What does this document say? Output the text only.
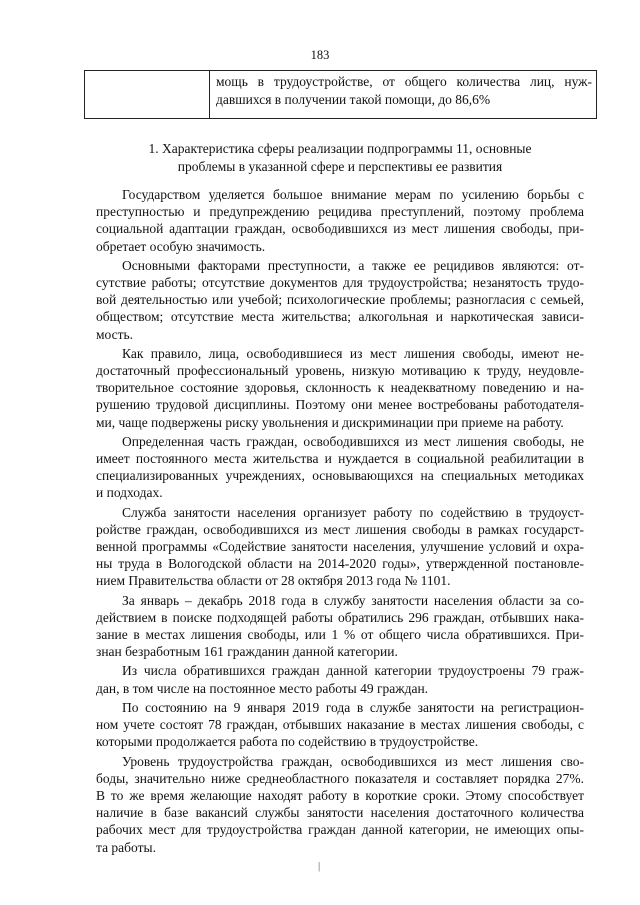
183

мощь в трудоустройстве, от общего количества лиц, нуж-
давшихся в получении такой помощи, до 86,6%
1. Характеристика сферы реализации подпрограммы 11, основные
проблемы в указанной сфере и перспективы ее развития
Государством уделяется большое внимание мерам по усилению борьбы с
преступностью и предупреждению рецидива преступлений, поэтому проблема
социальной адаптации граждан, освободившихся из мест лишения свободы, при-
обретает особую значимость.
Основными факторами преступности, а также ее рецидивов являются: от-
сутствие работы; отсутствие документов для трудоустройства; незанятость трудо-
вой деятельностью или учебой; психологические проблемы; разногласия с семьей,
обществом; отсутствие места жительства; алкогольная и наркотическая зависи-
мость.
Как правило, лица, освободившиеся из мест лишения свободы, имеют не-
достаточный профессиональный уровень, низкую мотивацию к труду, неудовле-
творительное состояние здоровья, склонность к неадекватному поведению и на-
рушению трудовой дисциплины. Поэтому они менее востребованы работодателя-
ми, чаще подвержены риску увольнения и дискриминации при приеме на работу.
Определенная часть граждан, освободившихся из мест лишения свободы, не
имеет постоянного места жительства и нуждается в социальной реабилитации в
специализированных учреждениях, основывающихся на специальных методиках
и подходах.
Служба занятости населения организует работу по содействию в трудоуст-
ройстве граждан, освободившихся из мест лишения свободы в рамках государст-
венной программы «Содействие занятости населения, улучшение условий и охра-
ны труда в Вологодской области на 2014-2020 годы», утвержденной постановле-
нием Правительства области от 28 октября 2013 года № 1101.
За январь – декабрь 2018 года в службу занятости населения области за со-
действием в поиске подходящей работы обратились 296 граждан, отбывших нака-
зание в местах лишения свободы, или 1 % от общего числа обратившихся. При-
знан безработным 161 гражданин данной категории.
Из числа обратившихся граждан данной категории трудоустроены 79 граж-
дан, в том числе на постоянное место работы 49 граждан.
По состоянию на 9 января 2019 года в службе занятости на регистрацион-
ном учете состоят 78 граждан, отбывших наказание в местах лишения свободы, с
которыми продолжается работа по содействию в трудоустройстве.
Уровень трудоустройства граждан, освободившихся из мест лишения сво-
боды, значительно ниже среднеобластного показателя и составляет порядка 27%.
В то же время желающие находят работу в короткие сроки. Этому способствует
наличие в базе вакансий службы занятости населения достаточного количества
рабочих мест для трудоустройства граждан данной категории, не имеющих опы-
та работы.
|
